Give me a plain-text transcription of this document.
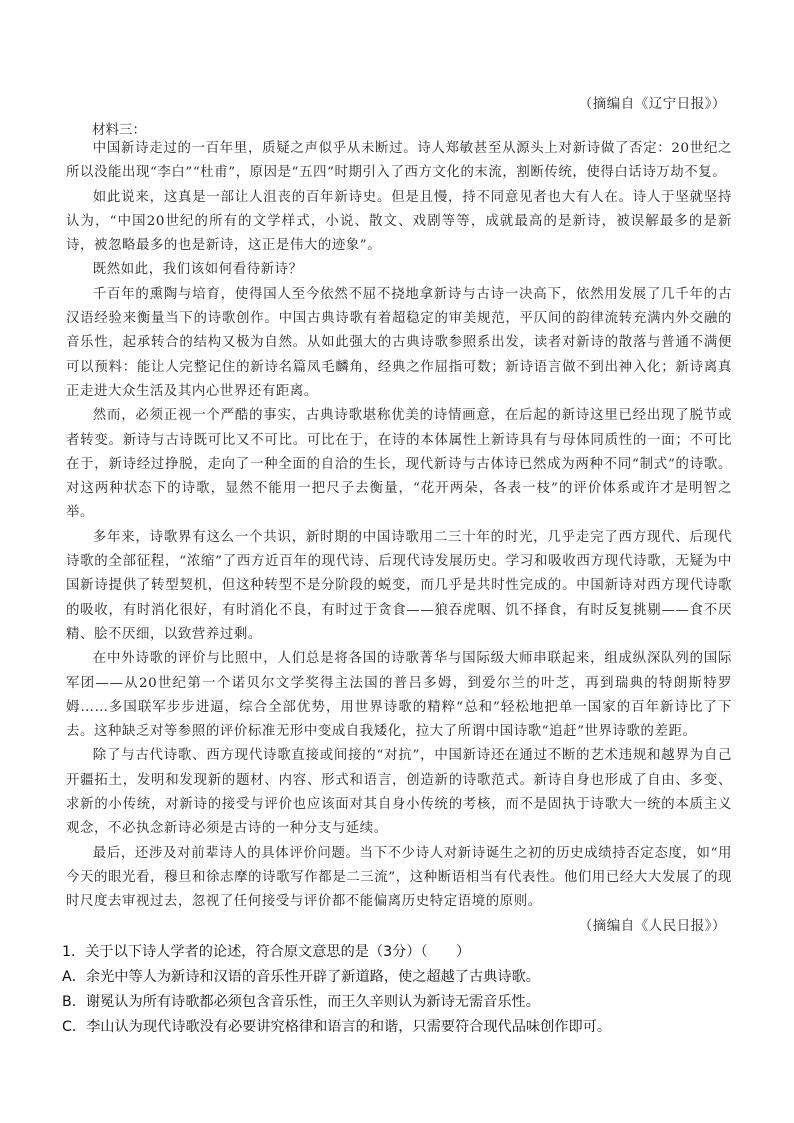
（摘编自《辽宁日报》）
材料三：

中国新诗走过的一百年里，质疑之声似乎从未断过。诗人郑敏甚至从源头上对新诗做了否定：20世纪之所以没能出现“李白”“杜甫”，原因是“五四”时期引入了西方文化的末流，割断传统，使得白话诗万劫不复。

如此说来，这真是一部让人沮丧的百年新诗史。但是且慢，持不同意见者也大有人在。诗人于坚就坚持认为，“中国20世纪的所有的文学样式，小说、散文、戏剧等等，成就最高的是新诗，被误解最多的是新诗，被忽略最多的也是新诗，这正是伟大的迹象”。

既然如此，我们该如何看待新诗？

千百年的熏陶与培育，使得国人至今依然不屈不挠地拿新诗与古诗一决高下，依然用发展了几千年的古汉语经验来衡量当下的诗歌创作。中国古典诗歌有着超稳定的审美规范，平仄间的韵律流转充满内外交融的音乐性，起承转合的结构又极为自然。从如此强大的古典诗歌参照系出发，读者对新诗的散落与普通不满便可以预料：能让人完整记住的新诗名篇凤毛麟角，经典之作屈指可数；新诗语言做不到出神入化；新诗离真正走进大众生活及其内心世界还有距离。

然而，必须正视一个严酷的事实，古典诗歌堪称优美的诗情画意，在后起的新诗这里已经出现了脱节或者转变。新诗与古诗既可比又不可比。可比在于，在诗的本体属性上新诗具有与母体同质性的一面；不可比在于，新诗经过挣脱，走向了一种全面的自洽的生长，现代新诗与古体诗已然成为两种不同“制式”的诗歌。对这两种状态下的诗歌，显然不能用一把尺子去衡量，“花开两朵，各表一枝”的评价体系或许才是明智之举。

多年来，诗歌界有这么一个共识，新时期的中国诗歌用二三十年的时光，几乎走完了西方现代、后现代诗歌的全部征程，“浓缩”了西方近百年的现代诗、后现代诗发展历史。学习和吸收西方现代诗歌，无疑为中国新诗提供了转型契机，但这种转型不是分阶段的蜕变，而几乎是共时性完成的。中国新诗对西方现代诗歌的吸收，有时消化很好，有时消化不良，有时过于贪食——狼吞虎咽、饥不择食，有时反复挑剔——食不厌精、脍不厌细，以致营养过剩。

在中外诗歌的评价与比照中，人们总是将各国的诗歌菁华与国际级大师串联起来，组成纵深队列的国际军团——从20世纪第一个诺贝尔文学奖得主法国的普吕多姆，到爱尔兰的叶芝，再到瑞典的特朗斯特罗姆……多国联军步步进逼，综合全部优势，用世界诗歌的精粹“总和”轻松地把单一国家的百年新诗比了下去。这种缺乏对等参照的评价标准无形中变成自我矮化，拉大了所谓中国诗歌“追赶”世界诗歌的差距。

除了与古代诗歌、西方现代诗歌直接或间接的“对抗”，中国新诗还在通过不断的艺术违规和越界为自己开疆拓土，发明和发现新的题材、内容、形式和语言，创造新的诗歌范式。新诗自身也形成了自由、多变、求新的小传统，对新诗的接受与评价也应该面对其自身小传统的考核，而不是固执于诗歌大一统的本质主义观念，不必执念新诗必须是古诗的一种分支与延续。

最后，还涉及对前辈诗人的具体评价问题。当下不少诗人对新诗诞生之初的历史成绩持否定态度，如“用今天的眼光看，穆旦和徐志摩的诗歌写作都是二三流”，这种断语相当有代表性。他们用已经大大发展了的现时尺度去审视过去，忽视了任何接受与评价都不能偏离历史特定语境的原则。

（摘编自《人民日报》）

1．关于以下诗人学者的论述，符合原文意思的是（3分）（　　）

A．余光中等人为新诗和汉语的音乐性开辟了新道路，使之超越了古典诗歌。

B．谢冕认为所有诗歌都必须包含音乐性，而王久辛则认为新诗无需音乐性。

C．李山认为现代诗歌没有必要讲究格律和语言的和谐，只需要符合现代品味创作即可。
